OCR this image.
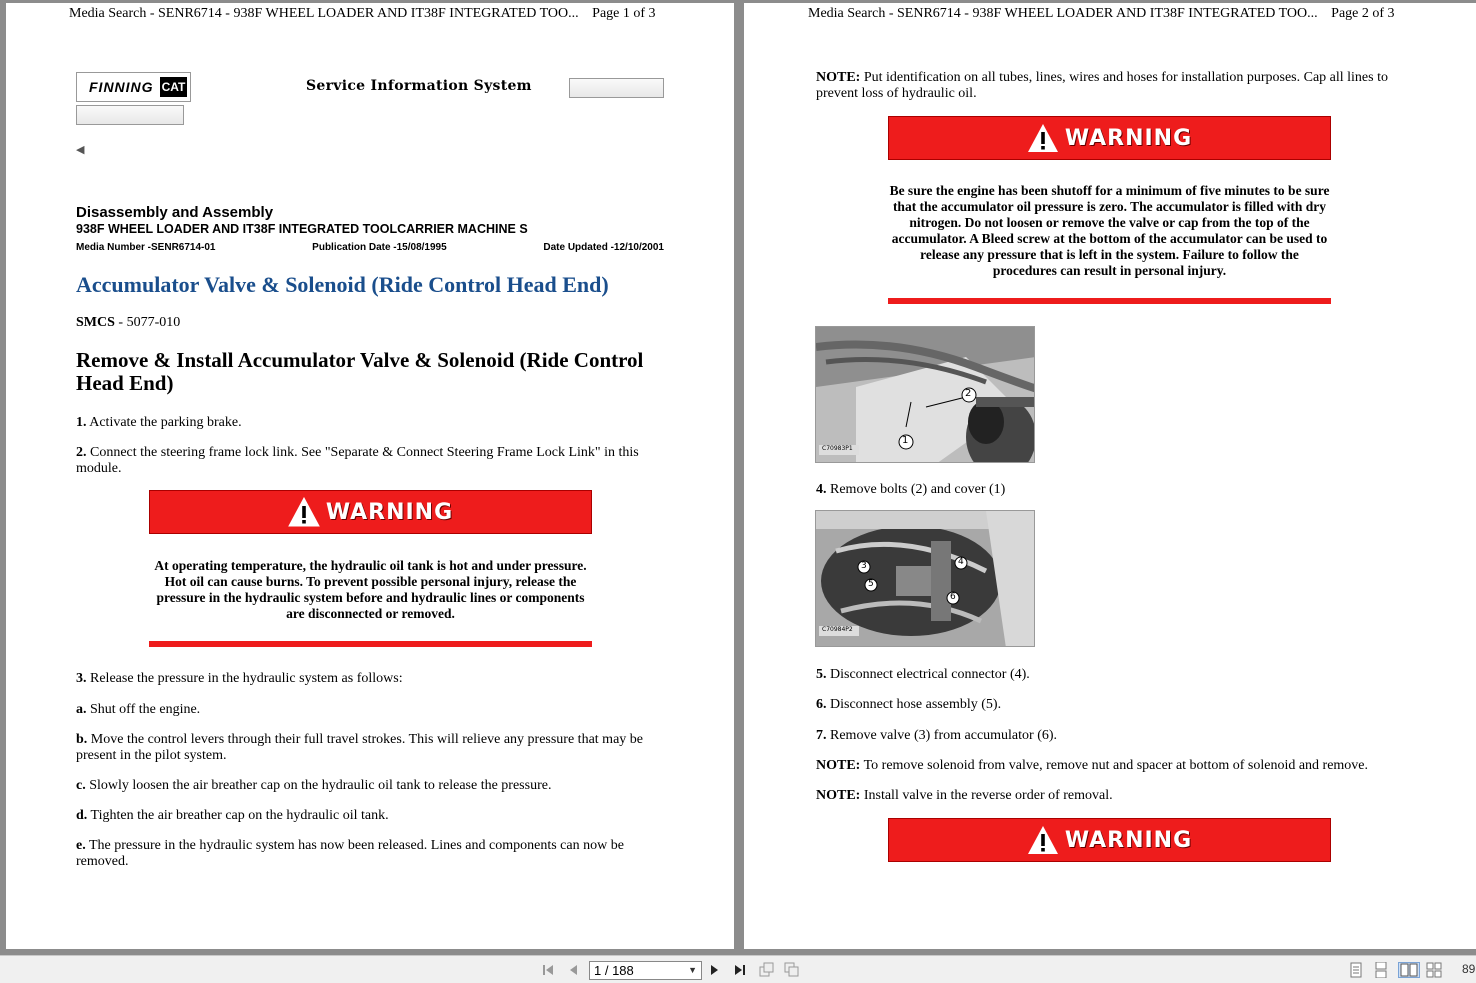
Media Search - SENR6714 - 938F WHEEL LOADER AND IT38F INTEGRATED TOO... Page 1 of 3
FINNING CAT	Service Information System
◀
Disassembly and Assembly
938F WHEEL LOADER AND IT38F INTEGRATED TOOLCARRIER MACHINE S
Media Number -SENR6714-01	Publication Date -15/08/1995	Date Updated -12/10/2001
Accumulator Valve & Solenoid (Ride Control Head End)
SMCS - 5077-010
Remove & Install Accumulator Valve & Solenoid (Ride Control Head End)
1. Activate the parking brake.
2. Connect the steering frame lock link. See "Separate & Connect Steering Frame Lock Link" in this module.
WARNING
At operating temperature, the hydraulic oil tank is hot and under pressure. Hot oil can cause burns. To prevent possible personal injury, release the pressure in the hydraulic system before and hydraulic lines or components are disconnected or removed.
3. Release the pressure in the hydraulic system as follows:
a. Shut off the engine.
b. Move the control levers through their full travel strokes. This will relieve any pressure that may be present in the pilot system.
c. Slowly loosen the air breather cap on the hydraulic oil tank to release the pressure.
d. Tighten the air breather cap on the hydraulic oil tank.
e. The pressure in the hydraulic system has now been released. Lines and components can now be removed.
Media Search - SENR6714 - 938F WHEEL LOADER AND IT38F INTEGRATED TOO... Page 2 of 3
NOTE: Put identification on all tubes, lines, wires and hoses for installation purposes. Cap all lines to prevent loss of hydraulic oil.
WARNING
Be sure the engine has been shutoff for a minimum of five minutes to be sure that the accumulator oil pressure is zero. The accumulator is filled with dry nitrogen. Do not loosen or remove the valve or cap from the top of the accumulator. A Bleed screw at the bottom of the accumulator can be used to release any pressure that is left in the system. Failure to follow the procedures can result in personal injury.
1
2
C70983P1
4. Remove bolts (2) and cover (1)
3	4
5
6
C70984P2
5. Disconnect electrical connector (4).
6. Disconnect hose assembly (5).
7. Remove valve (3) from accumulator (6).
NOTE: To remove solenoid from valve, remove nut and spacer at bottom of solenoid and remove.
NOTE: Install valve in the reverse order of removal.
WARNING
1 / 188	▼	89
